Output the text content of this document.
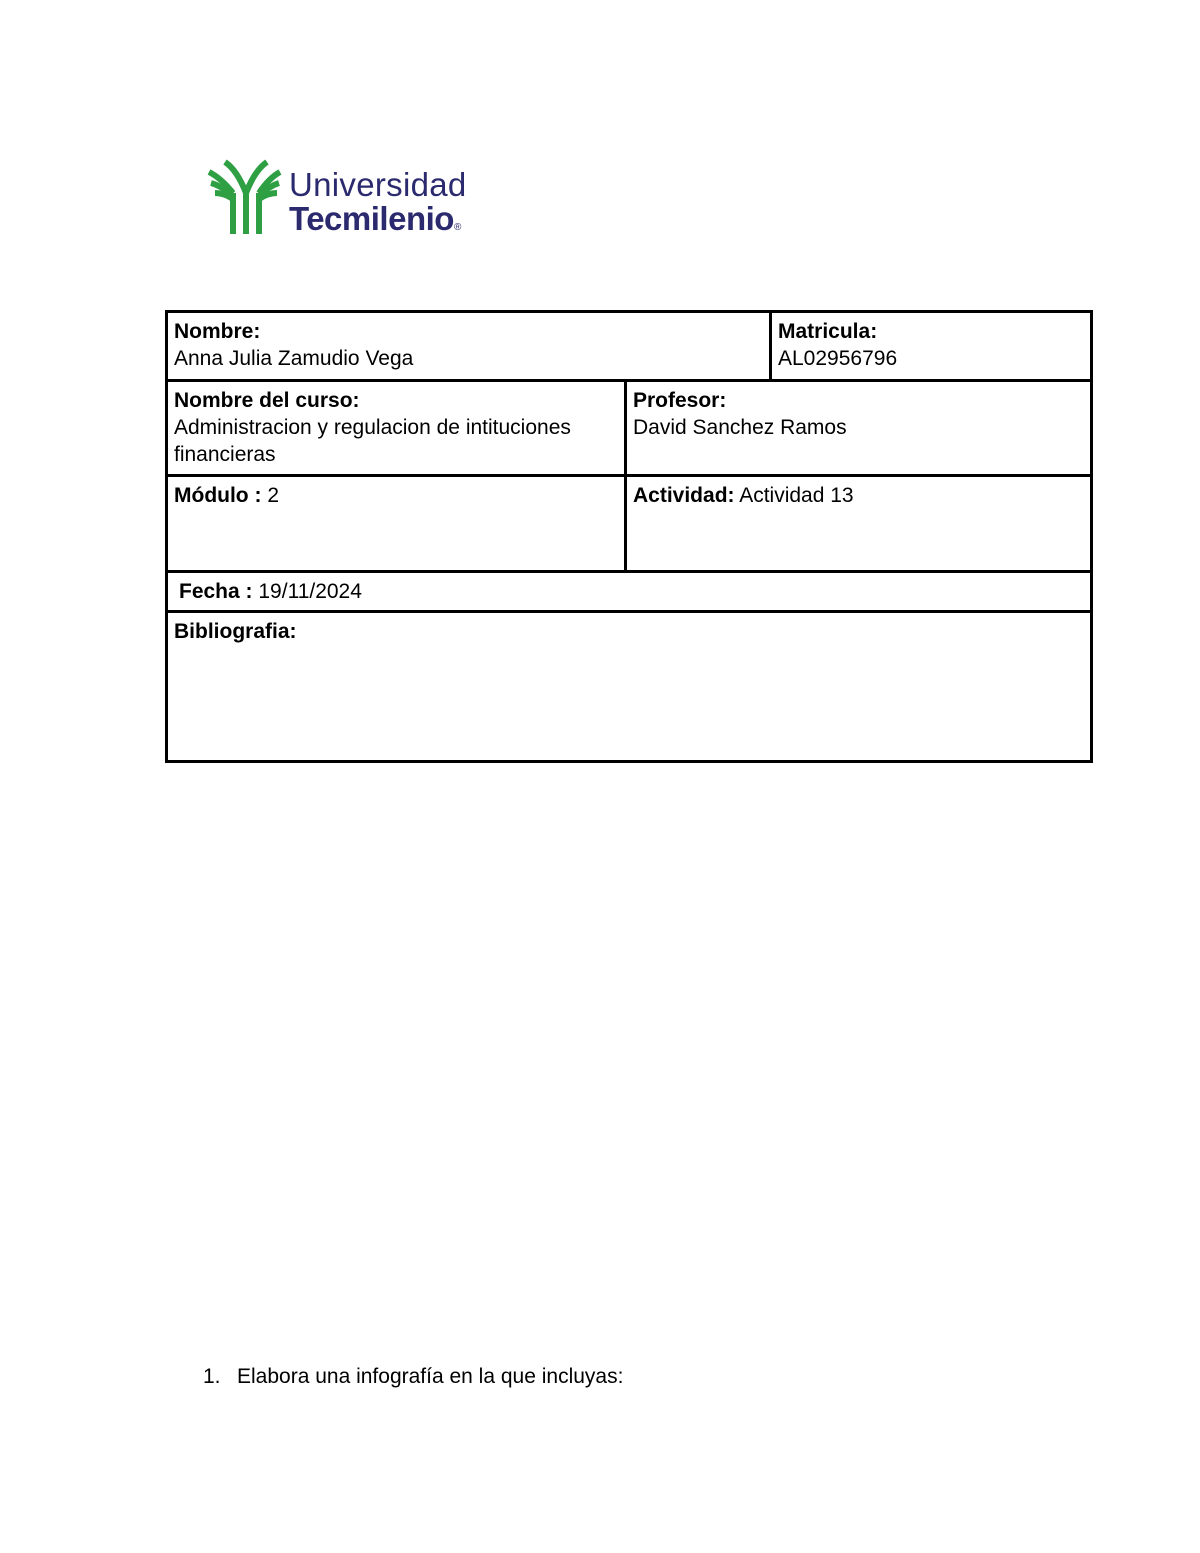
Universidad
Tecmilenio®
Nombre:
Anna Julia Zamudio Vega
Matricula:
AL02956796
Nombre del curso:
Administracion y regulacion de intituciones financieras
Profesor:
David Sanchez Ramos
Módulo : 2	Actividad: Actividad 13
Fecha : 19/11/2024
Bibliografia:
1. Elabora una infografía en la que incluyas:
